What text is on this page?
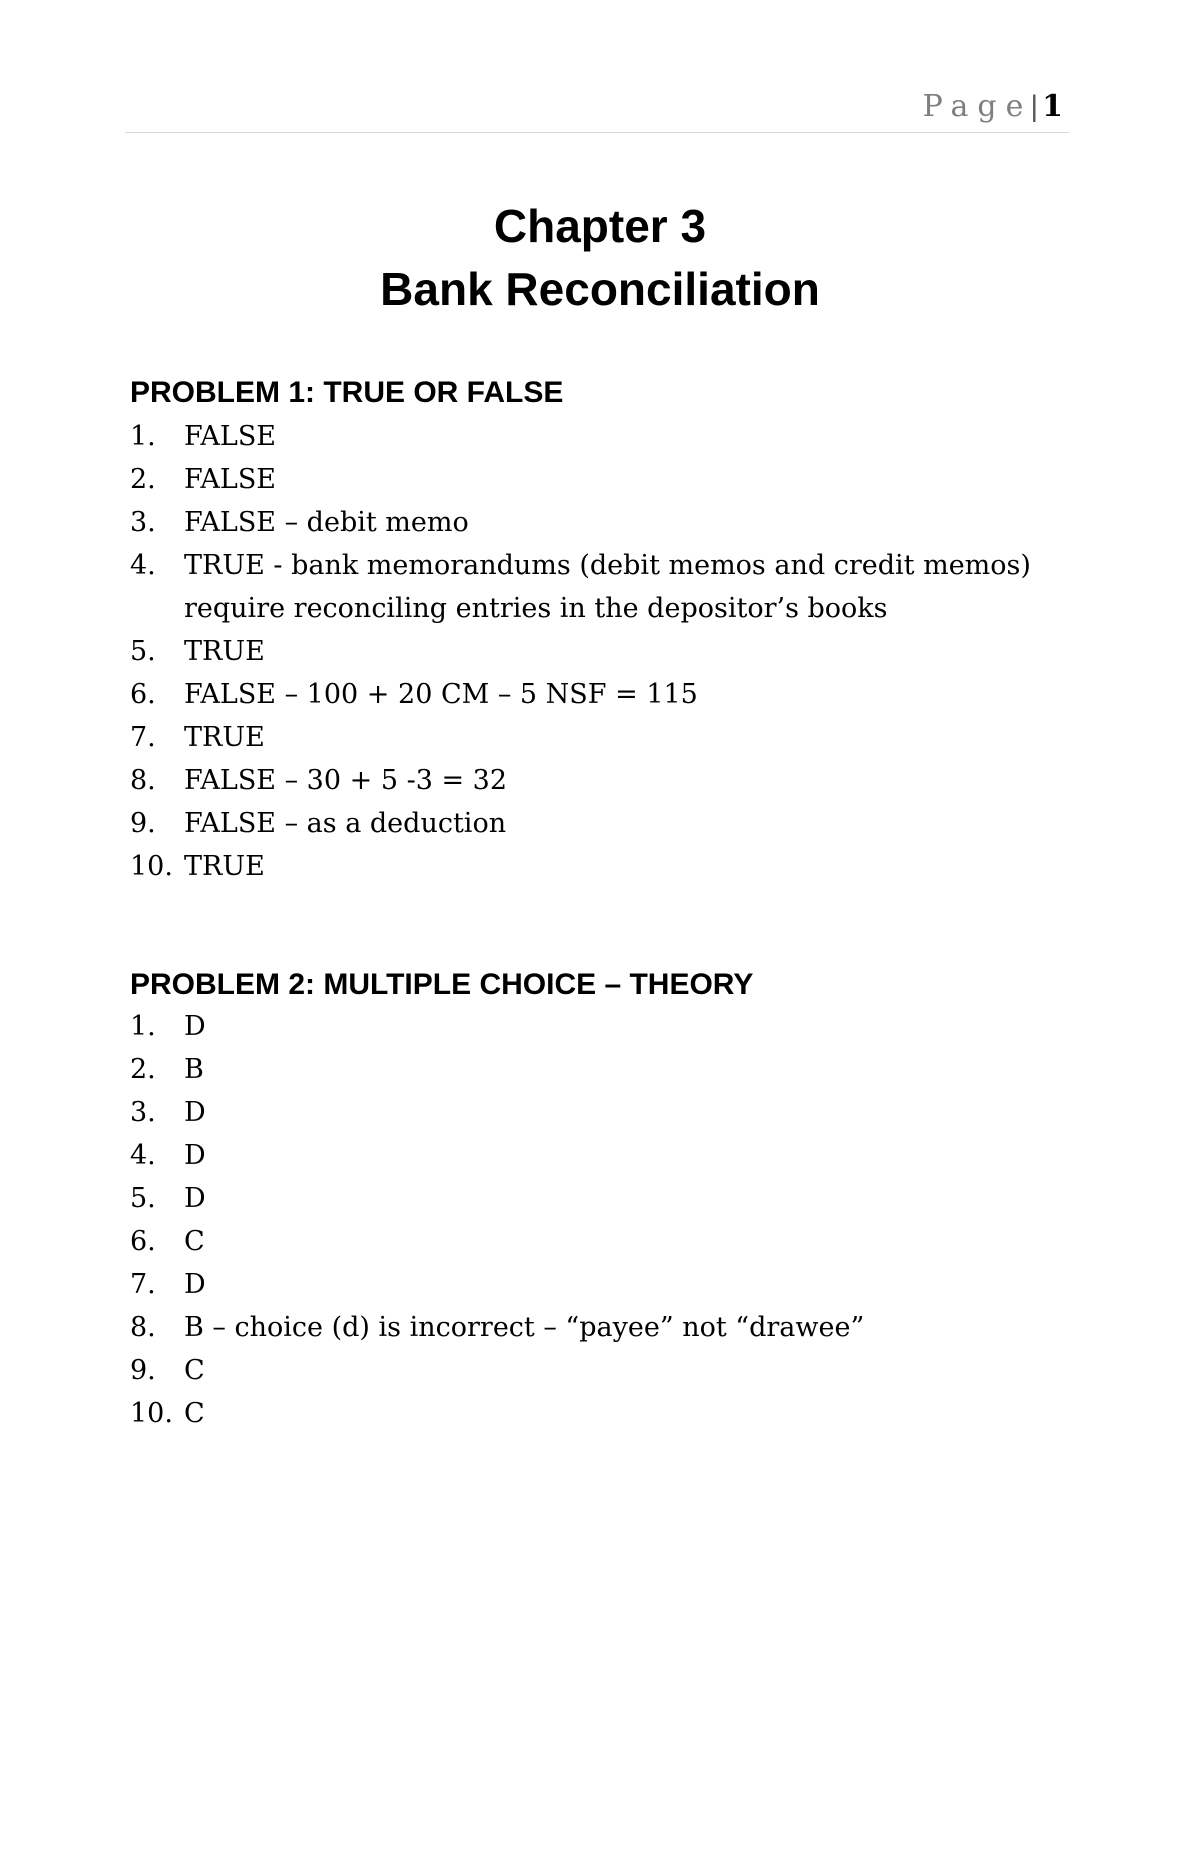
Page| 1
Chapter 3
Bank Reconciliation
PROBLEM 1: TRUE OR FALSE
1. FALSE
2. FALSE
3. FALSE – debit memo
4. TRUE - bank memorandums (debit memos and credit memos) require reconciling entries in the depositor’s books
5. TRUE
6. FALSE – 100 + 20 CM – 5 NSF = 115
7. TRUE
8. FALSE – 30 + 5 -3 = 32
9. FALSE – as a deduction
10. TRUE
PROBLEM 2: MULTIPLE CHOICE – THEORY
1. D
2. B
3. D
4. D
5. D
6. C
7. D
8. B – choice (d) is incorrect – “payee” not “drawee”
9. C
10. C
